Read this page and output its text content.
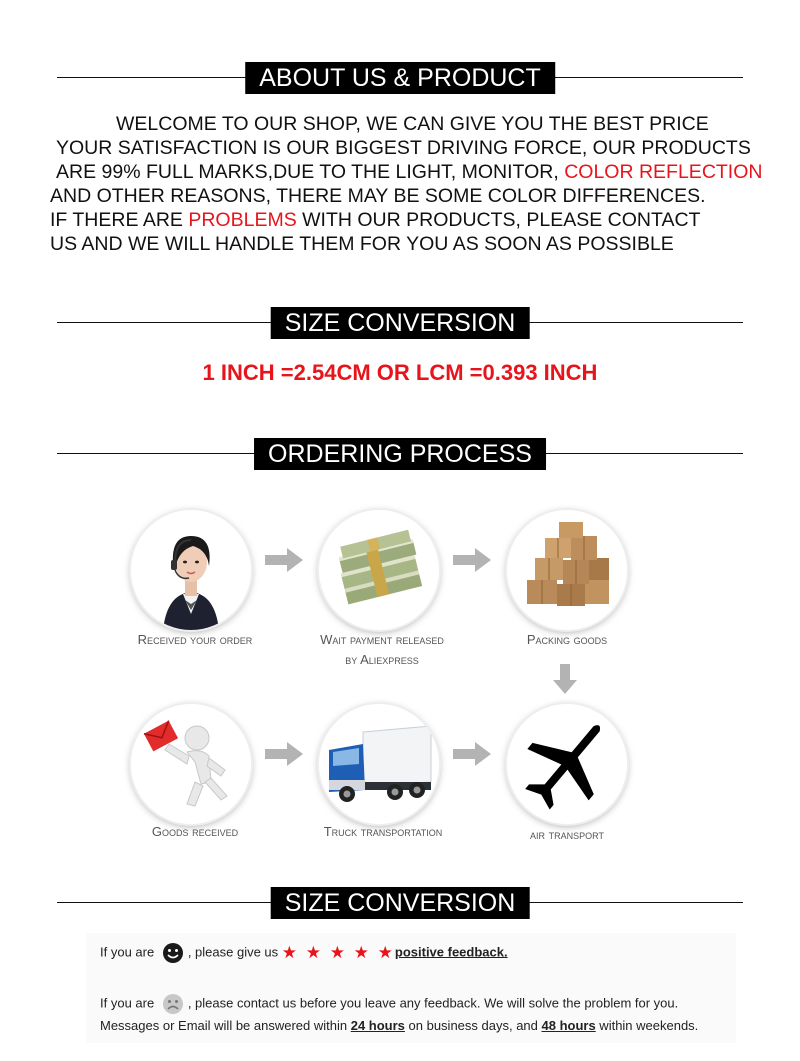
ABOUT US & PRODUCT
WELCOME TO OUR SHOP, WE CAN GIVE YOU THE BEST PRICE
YOUR SATISFACTION IS OUR BIGGEST DRIVING FORCE, OUR PRODUCTS
ARE 99% FULL MARKS,DUE TO THE LIGHT, MONITOR, COLOR REFLECTION
AND OTHER REASONS, THERE MAY BE SOME COLOR DIFFERENCES.
IF THERE ARE PROBLEMS WITH OUR PRODUCTS, PLEASE CONTACT
US AND WE WILL HANDLE THEM FOR YOU AS SOON AS POSSIBLE
SIZE CONVERSION
1 INCH =2.54CM OR LCM =0.393 INCH
ORDERING PROCESS
Received your order	Wait payment released
by Aliexpress
Packing goods
Goods received	Truck transportation	air transport
SIZE CONVERSION
If you are	, please give us ★ ★ ★ ★ ★positive feedback.
If you are	, please contact us before you leave any feedback. We will solve the problem for you.
Messages or Email will be answered within 24 hours on business days, and 48 hours within weekends.
